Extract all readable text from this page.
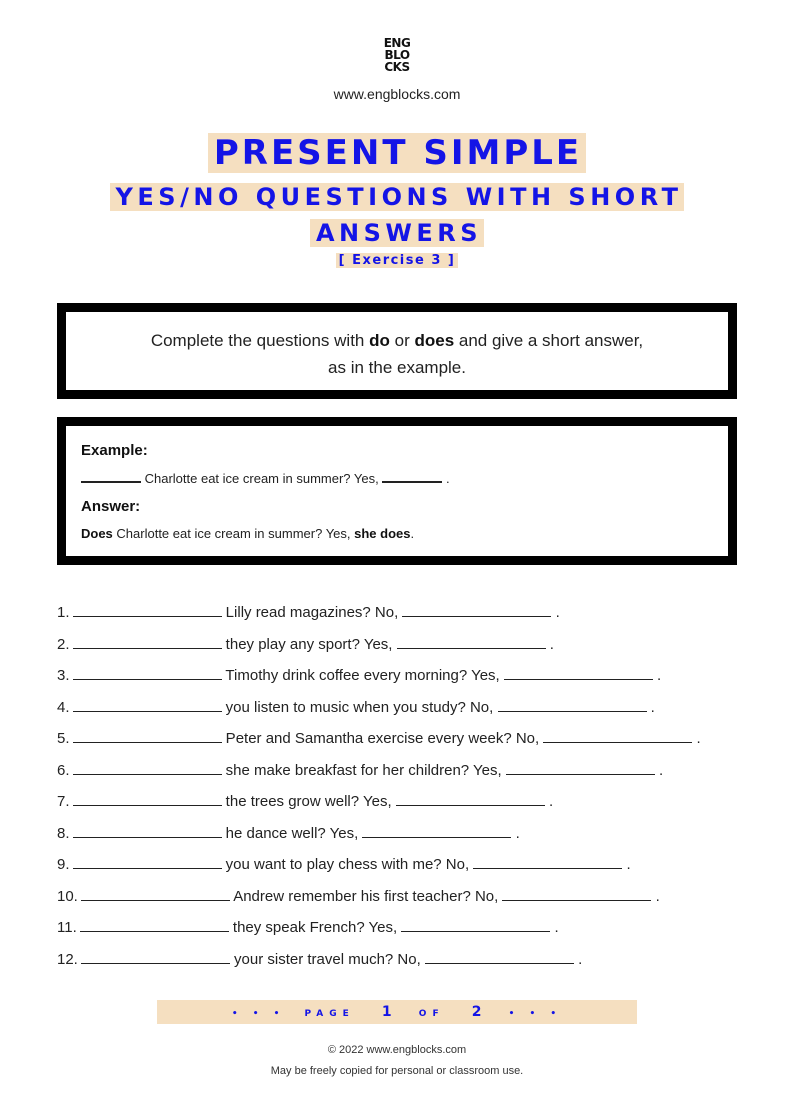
ENG
BLO
CKS
www.engblocks.com
PRESENT SIMPLE
YES/NO QUESTIONS WITH SHORT
ANSWERS
[ Exercise 3 ]
Complete the questions with do or does and give a short answer,
as in the example.
Example:
Charlotte eat ice cream in summer? Yes,	.
Answer:
Does Charlotte eat ice cream in summer? Yes, she does.
1.	Lilly read magazines? No,	.
2.	they play any sport? Yes,	.
3.	Timothy drink coffee every morning? Yes,	.
4.	you listen to music when you study? No,	.
5.	Peter and Samantha exercise every week? No,	.
6.	she make breakfast for her children? Yes,	.
7.	the trees grow well? Yes,	.
8.	he dance well? Yes,	.
9.	you want to play chess with me? No,	.
10.	Andrew remember his first teacher? No,	.
11.	they speak French? Yes,	.
12.	your sister travel much? No,	.
• • • PAGE 1	OF 2	• • •
© 2022 www.engblocks.com
May be freely copied for personal or classroom use.
